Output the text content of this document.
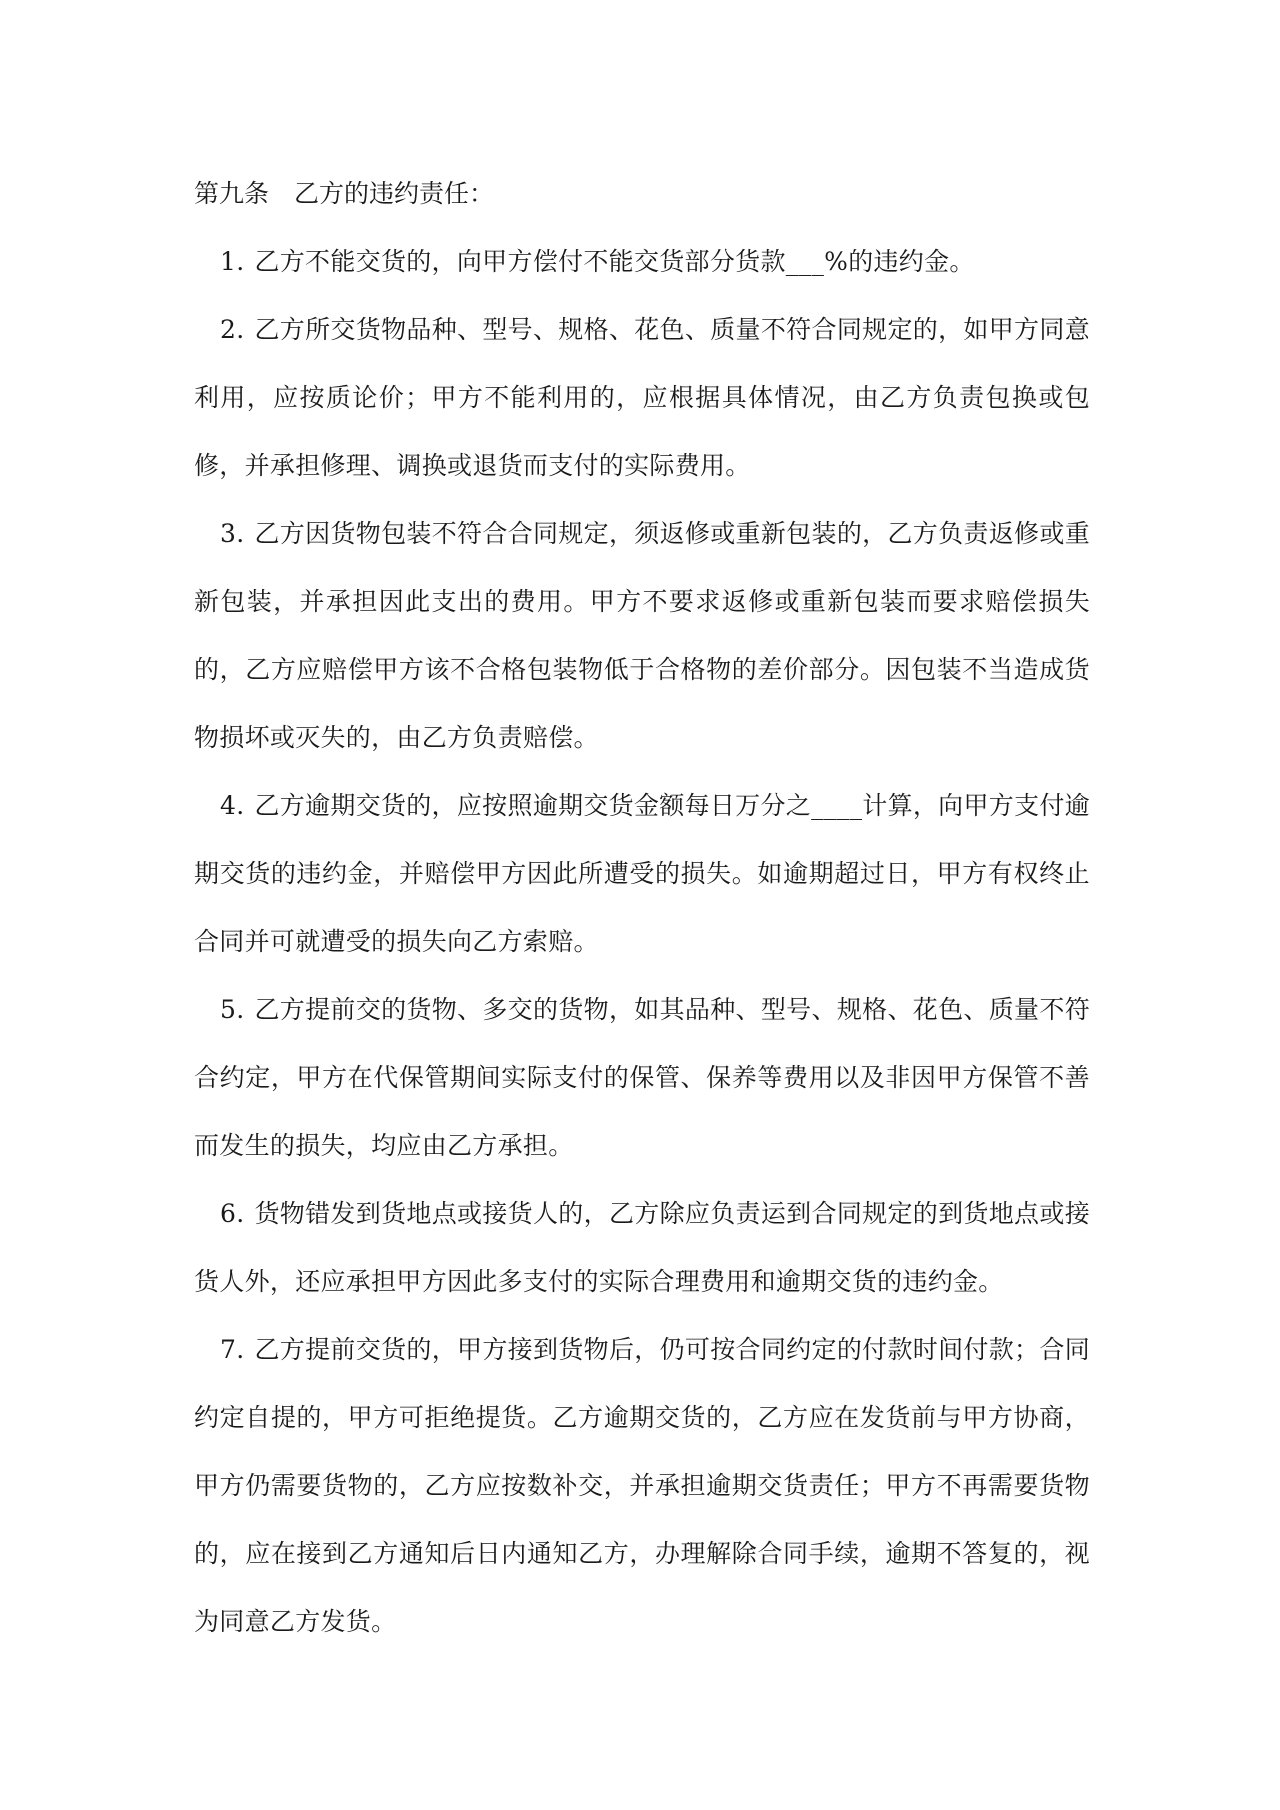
第九条　乙方的违约责任：

1. 乙方不能交货的，向甲方偿付不能交货部分货款___%的违约金。

2. 乙方所交货物品种、型号、规格、花色、质量不符合同规定的，如甲方同意利用，应按质论价；甲方不能利用的，应根据具体情况，由乙方负责包换或包修，并承担修理、调换或退货而支付的实际费用。

3. 乙方因货物包装不符合合同规定，须返修或重新包装的，乙方负责返修或重新包装，并承担因此支出的费用。甲方不要求返修或重新包装而要求赔偿损失的，乙方应赔偿甲方该不合格包装物低于合格物的差价部分。因包装不当造成货物损坏或灭失的，由乙方负责赔偿。

4. 乙方逾期交货的，应按照逾期交货金额每日万分之____计算，向甲方支付逾期交货的违约金，并赔偿甲方因此所遭受的损失。如逾期超过日，甲方有权终止合同并可就遭受的损失向乙方索赔。

5. 乙方提前交的货物、多交的货物，如其品种、型号、规格、花色、质量不符合约定，甲方在代保管期间实际支付的保管、保养等费用以及非因甲方保管不善而发生的损失，均应由乙方承担。

6. 货物错发到货地点或接货人的，乙方除应负责运到合同规定的到货地点或接货人外，还应承担甲方因此多支付的实际合理费用和逾期交货的违约金。

7. 乙方提前交货的，甲方接到货物后，仍可按合同约定的付款时间付款；合同约定自提的，甲方可拒绝提货。乙方逾期交货的，乙方应在发货前与甲方协商，甲方仍需要货物的，乙方应按数补交，并承担逾期交货责任；甲方不再需要货物的，应在接到乙方通知后日内通知乙方，办理解除合同手续，逾期不答复的，视为同意乙方发货。
